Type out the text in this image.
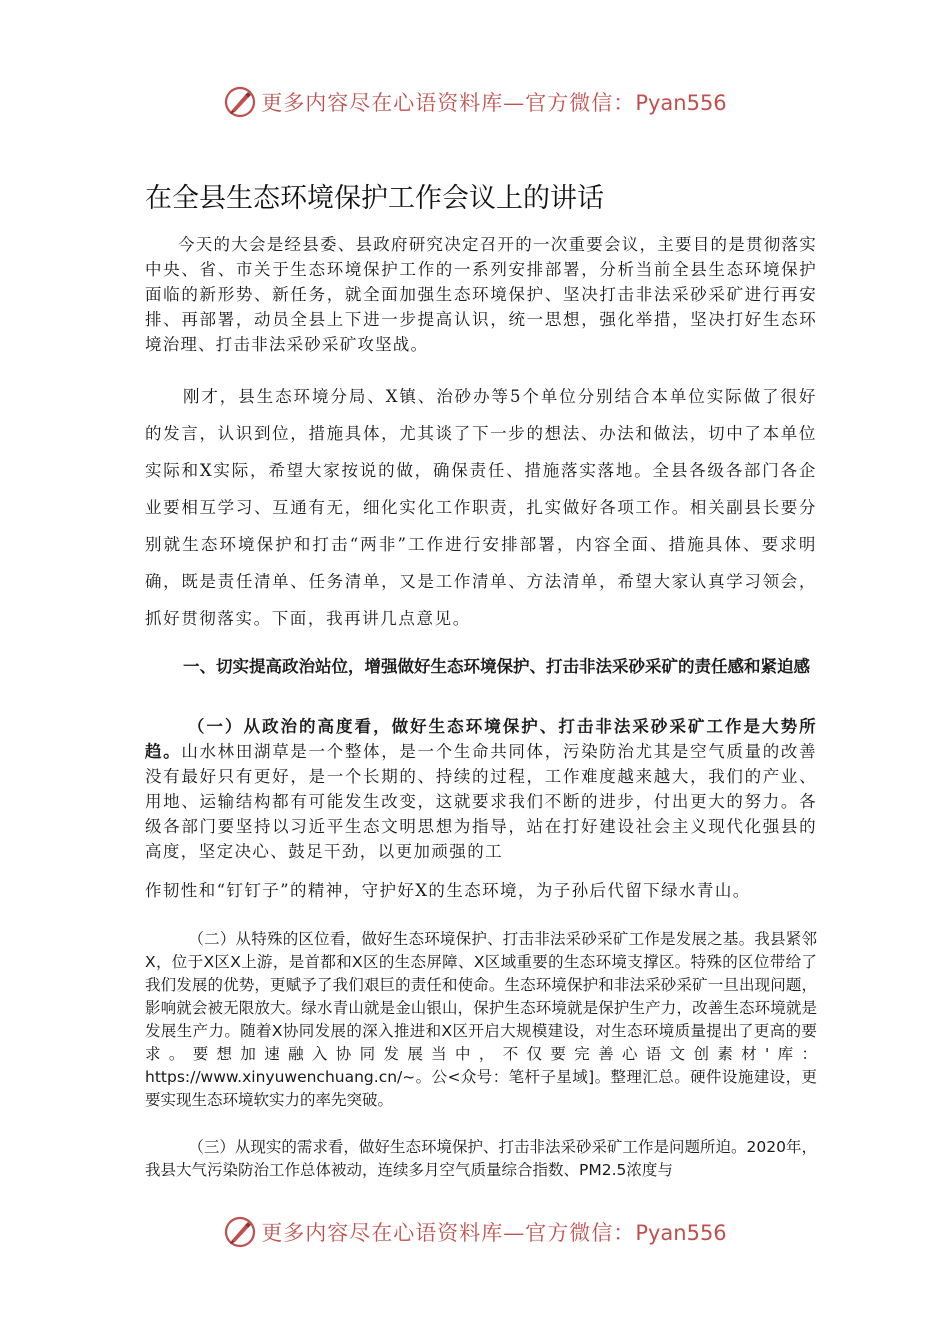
更多内容尽在心语资料库—官方微信：Pyan556
在全县生态环境保护工作会议上的讲话

今天的大会是经县委、县政府研究决定召开的一次重要会议，主要目的是贯彻落实中央、省、市关于生态环境保护工作的一系列安排部署，分析当前全县生态环境保护面临的新形势、新任务，就全面加强生态环境保护、坚决打击非法采砂采矿进行再安排、再部署，动员全县上下进一步提高认识，统一思想，强化举措，坚决打好生态环境治理、打击非法采砂采矿攻坚战。

刚才，县生态环境分局、X镇、治砂办等5个单位分别结合本单位实际做了很好的发言，认识到位，措施具体，尤其谈了下一步的想法、办法和做法，切中了本单位实际和X实际，希望大家按说的做，确保责任、措施落实落地。全县各级各部门各企业要相互学习、互通有无，细化实化工作职责，扎实做好各项工作。相关副县长要分别就生态环境保护和打击“两非”工作进行安排部署，内容全面、措施具体、要求明确，既是责任清单、任务清单，又是工作清单、方法清单，希望大家认真学习领会，抓好贯彻落实。下面，我再讲几点意见。

一、切实提高政治站位，增强做好生态环境保护、打击非法采砂采矿的责任感和紧迫感

（一）从政治的高度看，做好生态环境保护、打击非法采砂采矿工作是大势所趋。山水林田湖草是一个整体，是一个生命共同体，污染防治尤其是空气质量的改善没有最好只有更好，是一个长期的、持续的过程，工作难度越来越大，我们的产业、用地、运输结构都有可能发生改变，这就要求我们不断的进步，付出更大的努力。各级各部门要坚持以习近平生态文明思想为指导，站在打好建设社会主义现代化强县的高度，坚定决心、鼓足干劲，以更加顽强的工

作韧性和“钉钉子”的精神，守护好X的生态环境，为子孙后代留下绿水青山。

（二）从特殊的区位看，做好生态环境保护、打击非法采砂采矿工作是发展之基。我县紧邻X，位于X区X上游，是首都和X区的生态屏障、X区域重要的生态环境支撑区。特殊的区位带给了我们发展的优势，更赋予了我们艰巨的责任和使命。生态环境保护和非法采砂采矿一旦出现问题，影响就会被无限放大。绿水青山就是金山银山，保护生态环境就是保护生产力，改善生态环境就是发展生产力。随着X协同发展的深入推进和X区开启大规模建设，对生态环境质量提出了更高的要求。要想加速融入协同发展当中，不仅要完善心语文创素材'库：https://www.xinyuwenchuang.cn/~。公<众号：笔杆子星域]。整理汇总。硬件设施建设，更要实现生态环境软实力的率先突破。

（三）从现实的需求看，做好生态环境保护、打击非法采砂采矿工作是问题所迫。2020年，我县大气污染防治工作总体被动，连续多月空气质量综合指数、PM2.5浓度与

更多内容尽在心语资料库—官方微信：Pyan556
